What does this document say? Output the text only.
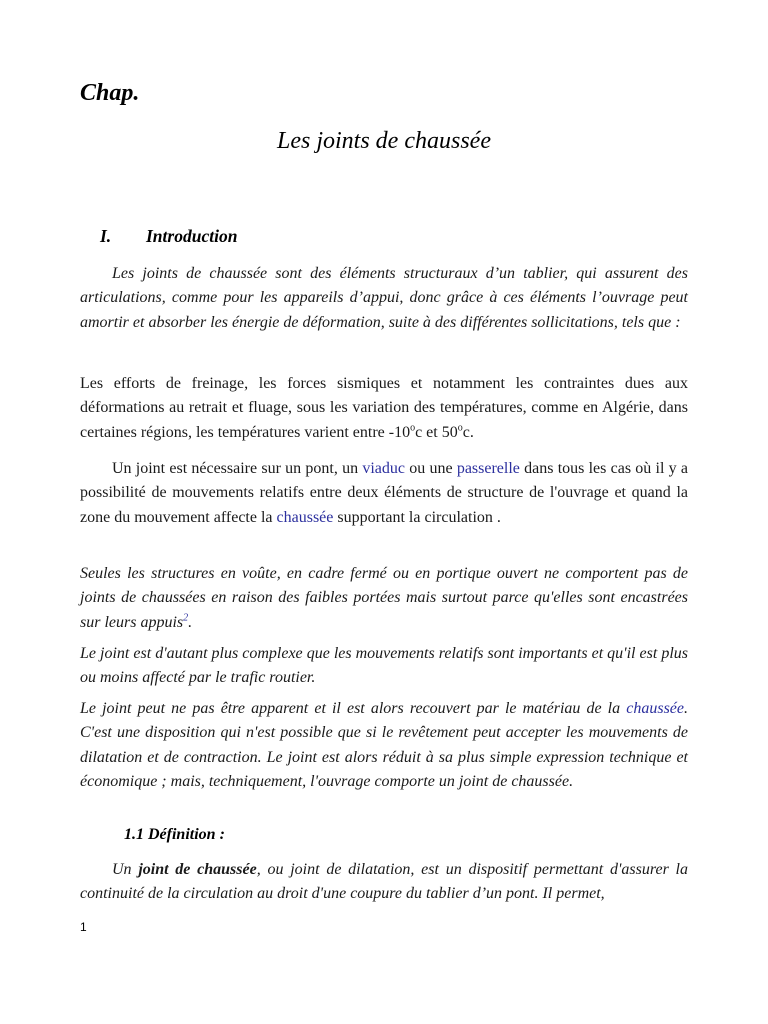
Chap.
Les joints de chaussée
I. Introduction

Les joints de chaussée sont des éléments structuraux d’un tablier, qui assurent des articulations, comme pour les appareils d’appui, donc grâce à ces éléments l’ouvrage peut amortir et absorber les énergie de déformation, suite à des différentes sollicitations, tels que :

Les efforts de freinage, les forces sismiques et notamment les contraintes dues aux déformations au retrait et fluage, sous les variation des températures, comme en Algérie, dans certaines régions, les températures varient entre -10$^o$c et 50$^o$c.

Un joint est nécessaire sur un pont, un viaduc ou une passerelle dans tous les cas où il y a possibilité de mouvements relatifs entre deux éléments de structure de l'ouvrage et quand la zone du mouvement affecte la chaussée supportant la circulation .

Seules les structures en voûte, en cadre fermé ou en portique ouvert ne comportent pas de joints de chaussées en raison des faibles portées mais surtout parce qu'elles sont encastrées sur leurs appuis$^2$.

Le joint est d'autant plus complexe que les mouvements relatifs sont importants et qu'il est plus ou moins affecté par le trafic routier.

Le joint peut ne pas être apparent et il est alors recouvert par le matériau de la chaussée. C'est une disposition qui n'est possible que si le revêtement peut accepter les mouvements de dilatation et de contraction. Le joint est alors réduit à sa plus simple expression technique et économique ; mais, techniquement, l'ouvrage comporte un joint de chaussée.

1.1 Définition :

Un joint de chaussée, ou joint de dilatation, est un dispositif permettant d'assurer la continuité de la circulation au droit d'une coupure du tablier d’un pont. Il permet,

1
